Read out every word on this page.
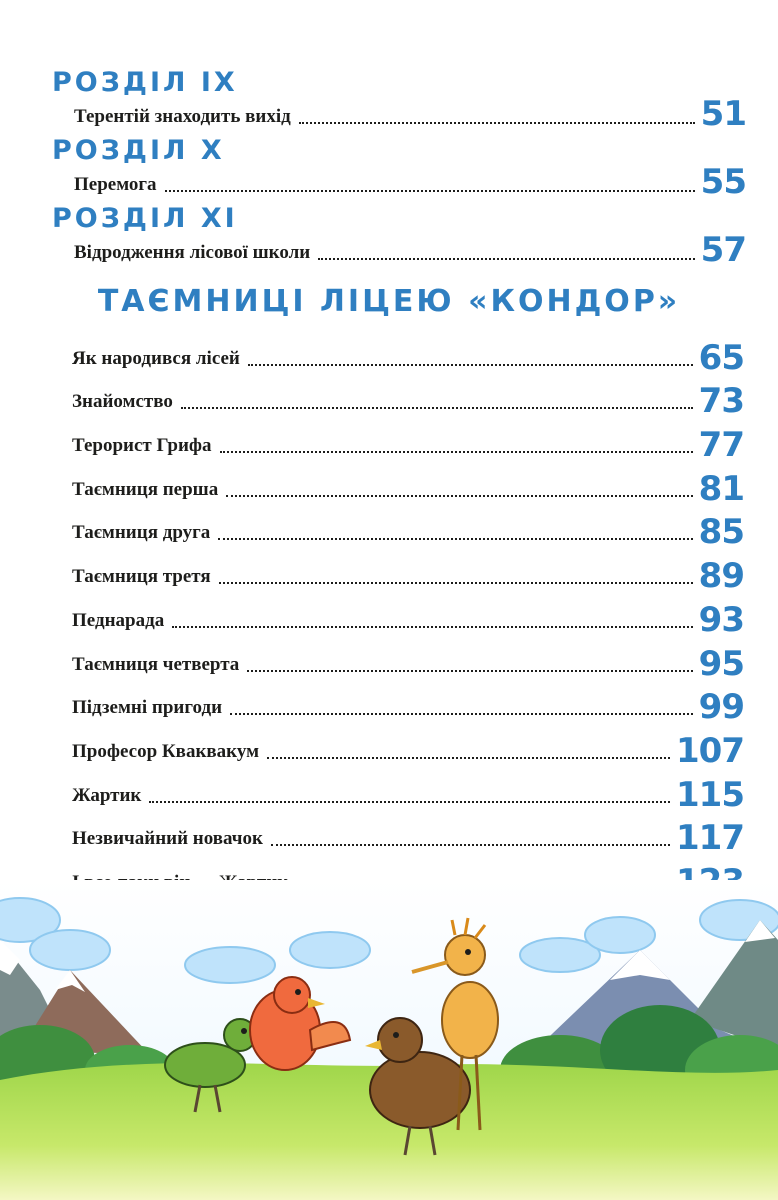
РОЗДІЛ IX
Терентій знаходить вихід	51
РОЗДІЛ X
Перемога	55
РОЗДІЛ XI
Відродження лісової школи	57
ТАЄМНИЦІ ЛІЦЕЮ «КОНДОР»
Як народився лісей	65
Знайомство	73
Терорист Грифа	77
Таємниця перша	81
Таємниця друга	85
Таємниця третя	89
Педнарада	93
Таємниця четверта	95
Підземні пригоди	99
Професор Кваквакум	107
Жартик	115
Незвичайний новачок	117
